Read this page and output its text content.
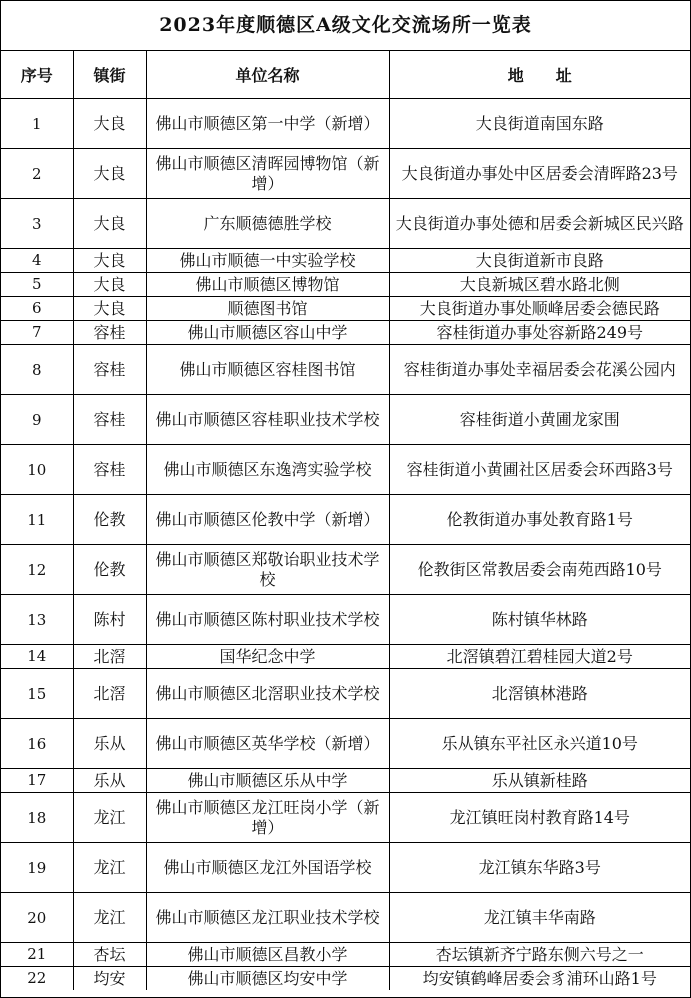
2023年度顺德区A级文化交流场所一览表
序号	镇街	单位名称	地　　址
1	大良	佛山市顺德区第一中学（新增）	大良街道南国东路
2	大良	佛山市顺德区清晖园博物馆（新增）	大良街道办事处中区居委会清晖路23号
3	大良	广东顺德德胜学校	大良街道办事处德和居委会新城区民兴路
4	大良	佛山市顺德一中实验学校	大良街道新市良路
5	大良	佛山市顺德区博物馆	大良新城区碧水路北侧
6	大良	顺德图书馆	大良街道办事处顺峰居委会德民路
7	容桂	佛山市顺德区容山中学	容桂街道办事处容新路249号
8	容桂	佛山市顺德区容桂图书馆	容桂街道办事处幸福居委会花溪公园内
9	容桂	佛山市顺德区容桂职业技术学校	容桂街道小黄圃龙家围
10	容桂	佛山市顺德区东逸湾实验学校	容桂街道小黄圃社区居委会环西路3号
11	伦教	佛山市顺德区伦教中学（新增）	伦教街道办事处教育路1号
12	伦教	佛山市顺德区郑敬诒职业技术学校	伦教街区常教居委会南苑西路10号
13	陈村	佛山市顺德区陈村职业技术学校	陈村镇华林路
14	北滘	国华纪念中学	北滘镇碧江碧桂园大道2号
15	北滘	佛山市顺德区北滘职业技术学校	北滘镇林港路
16	乐从	佛山市顺德区英华学校（新增）	乐从镇东平社区永兴道10号
17	乐从	佛山市顺德区乐从中学	乐从镇新桂路
18	龙江	佛山市顺德区龙江旺岗小学（新增）	龙江镇旺岗村教育路14号
19	龙江	佛山市顺德区龙江外国语学校	龙江镇东华路3号
20	龙江	佛山市顺德区龙江职业技术学校	龙江镇丰华南路
21	杏坛	佛山市顺德区昌教小学	杏坛镇新齐宁路东侧六号之一
22	均安	佛山市顺德区均安中学	均安镇鹤峰居委会豸浦环山路1号
